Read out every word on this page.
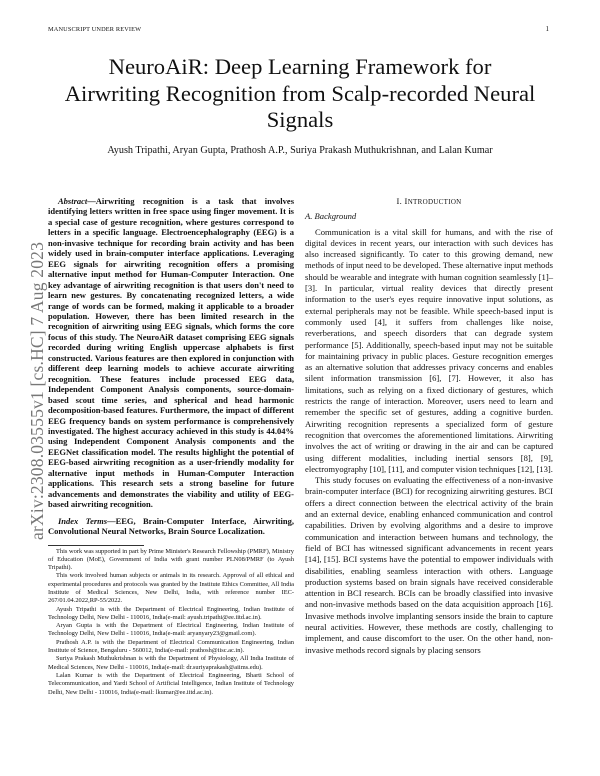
MANUSCRIPT UNDER REVIEW	1
arXiv:2308.03555v1 [cs.HC] 7 Aug 2023
NeuroAiR: Deep Learning Framework for Airwriting Recognition from Scalp-recorded Neural Signals
Ayush Tripathi, Aryan Gupta, Prathosh A.P., Suriya Prakash Muthukrishnan, and Lalan Kumar

Abstract—Airwriting recognition is a task that involves identifying letters written in free space using finger movement. It is a special case of gesture recognition, where gestures correspond to letters in a specific language. Electroencephalography (EEG) is a non-invasive technique for recording brain activity and has been widely used in brain-computer interface applications. Leveraging EEG signals for airwriting recognition offers a promising alternative input method for Human-Computer Interaction. One key advantage of airwriting recognition is that users don't need to learn new gestures. By concatenating recognized letters, a wide range of words can be formed, making it applicable to a broader population. However, there has been limited research in the recognition of airwriting using EEG signals, which forms the core focus of this study. The NeuroAiR dataset comprising EEG signals recorded during writing English uppercase alphabets is first constructed. Various features are then explored in conjunction with different deep learning models to achieve accurate airwriting recognition. These features include processed EEG data, Independent Component Analysis components, source-domain-based scout time series, and spherical and head harmonic decomposition-based features. Furthermore, the impact of different EEG frequency bands on system performance is comprehensively investigated. The highest accuracy achieved in this study is 44.04% using Independent Component Analysis components and the EEGNet classification model. The results highlight the potential of EEG-based airwriting recognition as a user-friendly modality for alternative input methods in Human-Computer Interaction applications. This research sets a strong baseline for future advancements and demonstrates the viability and utility of EEG-based airwriting recognition.

Index Terms—EEG, Brain-Computer Interface, Airwriting, Convolutional Neural Networks, Brain Source Localization.

This work was supported in part by Prime Minister's Research Fellowship (PMRF), Ministry of Education (MoE), Government of India with grant number PLN08/PMRF (to Ayush Tripathi).

This work involved human subjects or animals in its research. Approval of all ethical and experimental procedures and protocols was granted by the Institute Ethics Committee, All India Institute of Medical Sciences, New Delhi, India, with reference number IEC-267/01.04.2022,RP-55/2022.

Ayush Tripathi is with the Department of Electrical Engineering, Indian Institute of Technology Delhi, New Delhi - 110016, India(e-mail: ayush.tripathi@ee.iitd.ac.in).

Aryan Gupta is with the Department of Electrical Engineering, Indian Institute of Technology Delhi, New Delhi - 110016, India(e-mail: aryanyary23@gmail.com).

Prathosh A.P. is with the Department of Electrical Communication Engineering, Indian Institute of Science, Bengaluru - 560012, India(e-mail: prathosh@iisc.ac.in).

Suriya Prakash Muthukrishnan is with the Department of Physiology, All India Institute of Medical Sciences, New Delhi - 110016, India(e-mail: dr.suriyaprakash@aiims.edu).

Lalan Kumar is with the Department of Electrical Engineering, Bharti School of Telecommunication, and Yardi School of Artificial Intelligence, Indian Institute of Technology Delhi, New Delhi - 110016, India(e-mail: lkumar@ee.iitd.ac.in).

I. INTRODUCTION
A. Background

Communication is a vital skill for humans, and with the rise of digital devices in recent years, our interaction with such devices has also increased significantly. To cater to this growing demand, new methods of input need to be developed. These alternative input methods should be wearable and integrate with human cognition seamlessly [1]–[3]. In particular, virtual reality devices that directly present information to the user's eyes require innovative input solutions, as external peripherals may not be feasible. While speech-based input is commonly used [4], it suffers from challenges like noise, reverberations, and speech disorders that can degrade system performance [5]. Additionally, speech-based input may not be suitable for maintaining privacy in public places. Gesture recognition emerges as an alternative solution that addresses privacy concerns and enables silent information transmission [6], [7]. However, it also has limitations, such as relying on a fixed dictionary of gestures, which restricts the range of interaction. Moreover, users need to learn and remember the specific set of gestures, adding a cognitive burden. Airwriting recognition represents a specialized form of gesture recognition that overcomes the aforementioned limitations. Airwriting involves the act of writing or drawing in the air and can be captured using different modalities, including inertial sensors [8], [9], electromyography [10], [11], and computer vision techniques [12], [13].

This study focuses on evaluating the effectiveness of a non-invasive brain-computer interface (BCI) for recognizing airwriting gestures. BCI offers a direct connection between the electrical activity of the brain and an external device, enabling enhanced communication and control capabilities. Driven by evolving algorithms and a desire to improve communication and interaction between humans and technology, the field of BCI has witnessed significant advancements in recent years [14], [15]. BCI systems have the potential to empower individuals with disabilities, enabling seamless interaction with others. Language production systems based on brain signals have received considerable attention in BCI research. BCIs can be broadly classified into invasive and non-invasive methods based on the data acquisition approach [16]. Invasive methods involve implanting sensors inside the brain to capture neural activities. However, these methods are costly, challenging to implement, and cause discomfort to the user. On the other hand, non-invasive methods record signals by placing sensors
